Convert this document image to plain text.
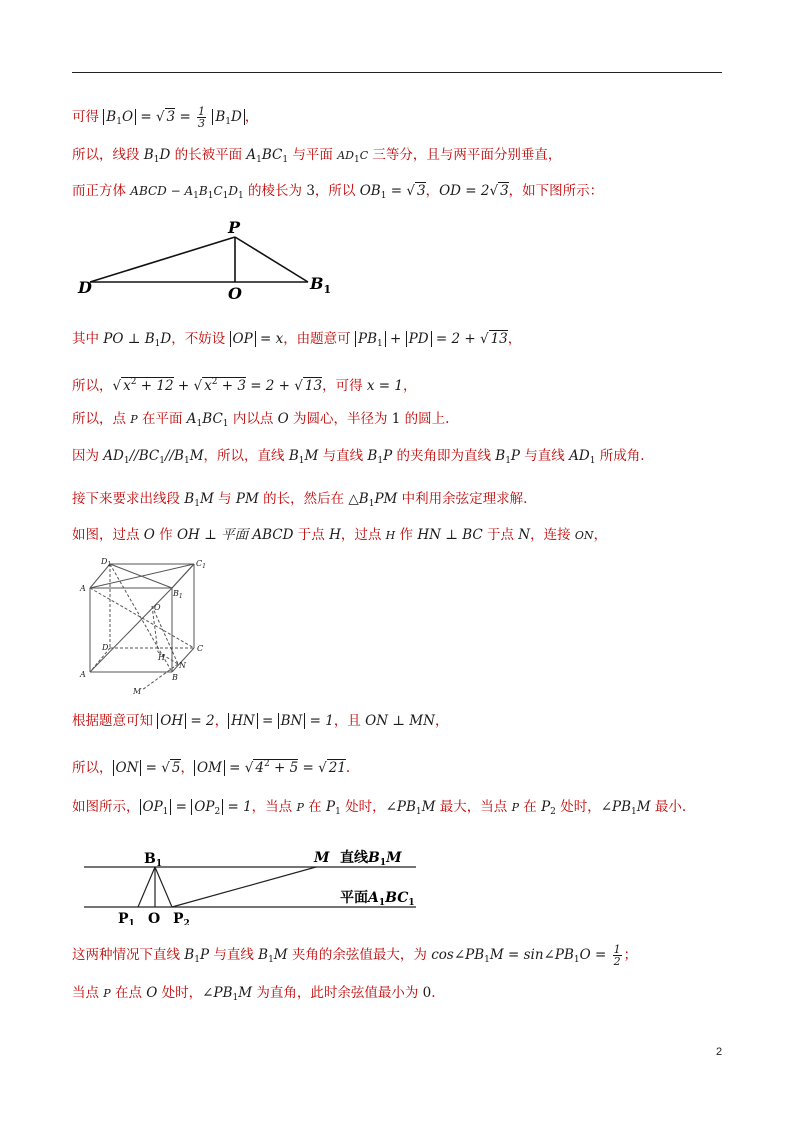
可得 $B_1O$ = √ $3 = \frac{1}{3} B_1D$ ，
所以，线段 $B_1D$ 的长被平面 $A_1BC_1$ 与平面 $AD_1C$ 三等分，且与两平面分别垂直，
而正方体 ABCD − $A_1B_1C_1D_1$ 的棱长为 3，所以 $OB_1$ = √ 3，OD = 2√ 3，如下图所示：
P
D	O
$B_1$
其中 PO ⊥ $B_1D$，不妨设 OP = x，由题意可 $PB_1$ + PD = 2 + √ 13，
所以，√ $x^2 + 12$ + √ $x^2 + 3 = 2$ + √ 13，可得 x = 1，
所以，点 P 在平面 $A_1BC_1$ 内以点 O 为圆心，半径为 1 的圆上.
因为 $AD_1//BC_1//B_1M$，所以，直线 $B_1M$ 与直线 $B_1P$ 的夹角即为直线 $B_1P$ 与直线 $AD_1$ 所成角.
接下来要求出线段 $B_1M$ 与 PM 的长，然后在 $\triangle B_1PM$ 中利用余弦定理求解.
如图，过点 O 作 OH ⊥ 平面 ABCD 于点 H，过点 H 作 HN ⊥ BC 于点 N，连接 ON，
$D_1$	$C_1$
A
$B_1$
O
D	C
H
N
A	B
M
根据题意可知 OH = 2， HN = BN = 1，且 ON ⊥ MN，
所以， ON = √ 5， OM = √ $4^2 + 5$ = √ 21.
如图所示， $OP_1 = OP_2 = 1$，当点 P 在 $P_1$ 处时，$\angle PB_1M$ 最大，当点 P 在 $P_2$ 处时，$\angle PB_1M$ 最小.
$B_1$	M 直线$B_1M$
平面$A_1BC_1$
$P_1$ O $P_2$
这两种情况下直线 $B_1P$ 与直线 $B_1M$ 夹角的余弦值最大，为 $\cos\angle PB_1M$ = $\sin\angle PB_1O = \frac{1}{2}$ ；
当点 P 在点 O 处时，$\angle PB_1M$ 为直角，此时余弦值最小为 0.
2
